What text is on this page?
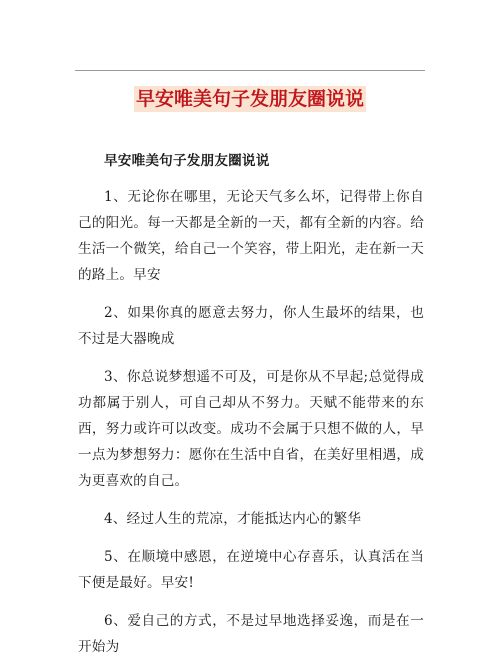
早安唯美句子发朋友圈说说

早安唯美句子发朋友圈说说

1、无论你在哪里，无论天气多么坏，记得带上你自己的阳光。每一天都是全新的一天，都有全新的内容。给生活一个微笑，给自己一个笑容，带上阳光，走在新一天的路上。早安

2、如果你真的愿意去努力，你人生最坏的结果，也不过是大器晚成

3、你总说梦想遥不可及，可是你从不早起;总觉得成功都属于别人，可自己却从不努力。天赋不能带来的东西，努力或许可以改变。成功不会属于只想不做的人，早一点为梦想努力：愿你在生活中自省，在美好里相遇，成为更喜欢的自己。

4、经过人生的荒凉，才能抵达内心的繁华

5、在顺境中感恩，在逆境中心存喜乐，认真活在当下便是最好。早安!

6、爱自己的方式，不是过早地选择妥逸，而是在一开始为
